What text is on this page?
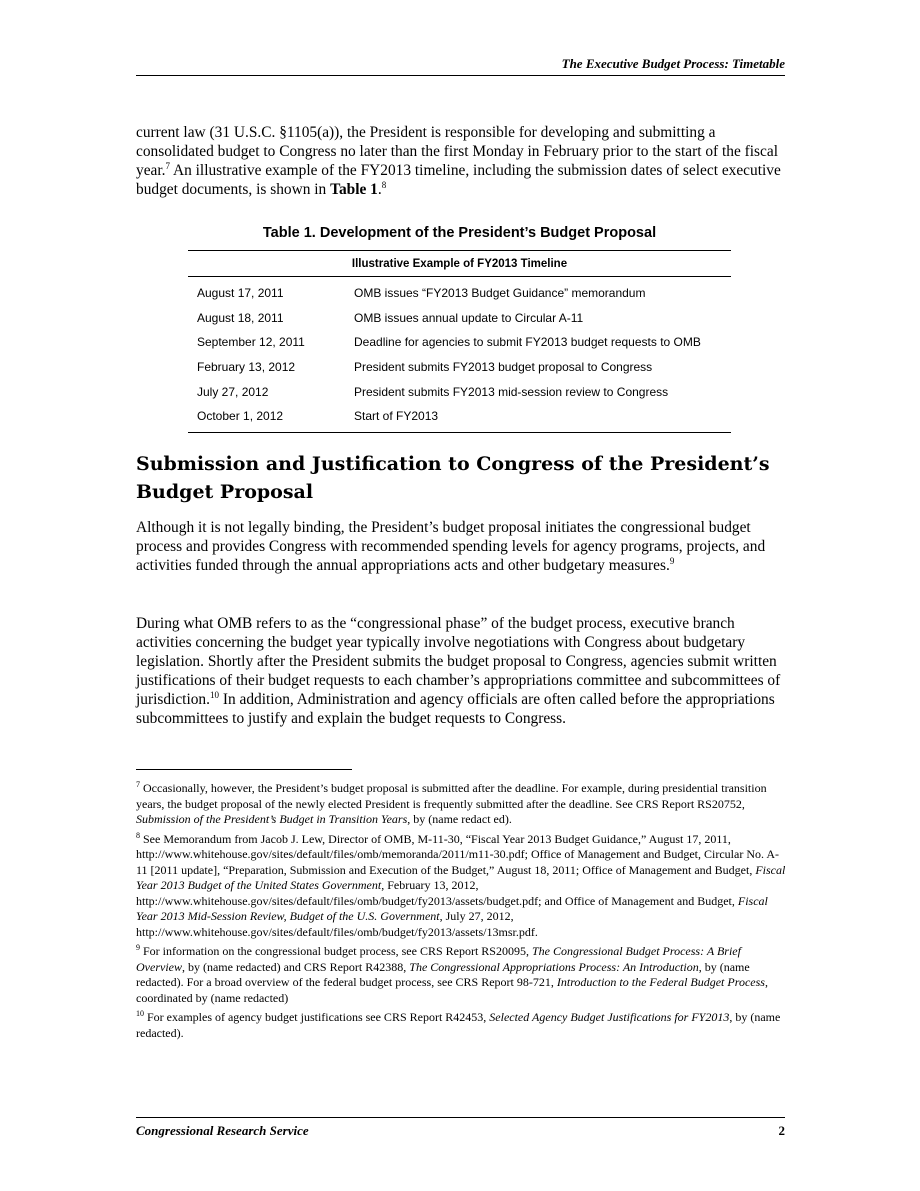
The Executive Budget Process: Timetable

current law (31 U.S.C. §1105(a)), the President is responsible for developing and submitting a consolidated budget to Congress no later than the first Monday in February prior to the start of the fiscal year.$^7$ An illustrative example of the FY2013 timeline, including the submission dates of select executive budget documents, is shown in Table 1.$^8$

Table 1. Development of the President’s Budget Proposal
Illustrative Example of FY2013 Timeline
August 17, 2011	OMB issues “FY2013 Budget Guidance” memorandum
August 18, 2011	OMB issues annual update to Circular A-11
September 12, 2011	Deadline for agencies to submit FY2013 budget requests to OMB
February 13, 2012	President submits FY2013 budget proposal to Congress
July 27, 2012	President submits FY2013 mid-session review to Congress
October 1, 2012	Start of FY2013
Submission and Justification to Congress of the President’s Budget Proposal

Although it is not legally binding, the President’s budget proposal initiates the congressional budget process and provides Congress with recommended spending levels for agency programs, projects, and activities funded through the annual appropriations acts and other budgetary measures.$^9$

During what OMB refers to as the “congressional phase” of the budget process, executive branch activities concerning the budget year typically involve negotiations with Congress about budgetary legislation. Shortly after the President submits the budget proposal to Congress, agencies submit written justifications of their budget requests to each chamber’s appropriations committee and subcommittees of jurisdiction.$^{10}$ In addition, Administration and agency officials are often called before the appropriations subcommittees to justify and explain the budget requests to Congress.

$^7$ Occasionally, however, the President’s budget proposal is submitted after the deadline. For example, during presidential transition years, the budget proposal of the newly elected President is frequently submitted after the deadline. See CRS Report RS20752, Submission of the President’s Budget in Transition Years, by (name redact ed).

$^8$ See Memorandum from Jacob J. Lew, Director of OMB, M-11-30, “Fiscal Year 2013 Budget Guidance,” August 17, 2011, http://www.whitehouse.gov/sites/default/files/omb/memoranda/2011/m11-30.pdf; Office of Management and Budget, Circular No. A-11 [2011 update], “Preparation, Submission and Execution of the Budget,” August 18, 2011; Office of Management and Budget, Fiscal Year 2013 Budget of the United States Government, February 13, 2012, http://www.whitehouse.gov/sites/default/files/omb/budget/fy2013/assets/budget.pdf; and Office of Management and Budget, Fiscal Year 2013 Mid-Session Review, Budget of the U.S. Government, July 27, 2012, http://www.whitehouse.gov/sites/default/files/omb/budget/fy2013/assets/13msr.pdf.

$^9$ For information on the congressional budget process, see CRS Report RS20095, The Congressional Budget Process: A Brief Overview, by (name redacted) and CRS Report R42388, The Congressional Appropriations Process: An Introduction, by (name redacted). For a broad overview of the federal budget process, see CRS Report 98-721, Introduction to the Federal Budget Process, coordinated by (name redacted)

$^{10}$ For examples of agency budget justifications see CRS Report R42453, Selected Agency Budget Justifications for FY2013, by (name redacted).

Congressional Research Service	2
